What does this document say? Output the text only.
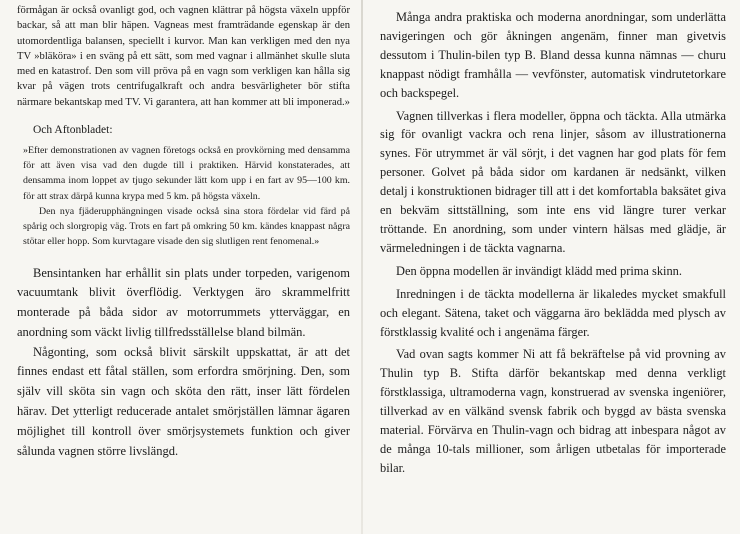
förmågan är också ovanligt god, och vagnen klättrar på högsta växeln uppför backar, så att man blir häpen. Vagneas mest framträdande egenskap är den utomordentliga balansen, speciellt i kurvor. Man kan verkligen med den nya TV »bläköra» i en sväng på ett sätt, som med vagnar i allmänhet skulle sluta med en katastrof. Den som vill pröva på en vagn som verkligen kan hålla sig kvar på vägen trots centrifugalkraft och andra besvärligheter bör stifta närmare bekantskap med TV. Vi garantera, att han kommer att bli imponerad.»

Och Aftonbladet:

»Efter demonstrationen av vagnen företogs också en provkörning med densamma för att även visa vad den dugde till i praktiken. Härvid konstaterades, att densamma inom loppet av tjugo sekunder lätt kom upp i en fart av 95—100 km. för att strax därpå kunna krypa med 5 km. på högsta växeln.

Den nya fjäderupphängningen visade också sina stora fördelar vid färd på spårig och slorgropig väg. Trots en fart på omkring 50 km. kändes knappast några stötar eller hopp. Som kurvtagare visade den sig slutligen rent fenomenal.»

Bensintanken har erhållit sin plats under torpeden, varigenom vacuumtank blivit överflödig. Verktygen äro skrammelfritt monterade på båda sidor av motorrummets ytterväggar, en anordning som väckt livlig tillfredsställelse bland bilmän.

Någonting, som också blivit särskilt uppskattat, är att det finnes endast ett fåtal ställen, som erfordra smörjning. Den, som själv vill sköta sin vagn och sköta den rätt, inser lätt fördelen härav. Det ytterligt reducerade antalet smörjställen lämnar ägaren möjlighet till kontroll över smörjsystemets funktion och giver sålunda vagnen större livslängd.

Många andra praktiska och moderna anordningar, som underlätta navigeringen och gör åkningen angenäm, finner man givetvis dessutom i Thulin-bilen typ B. Bland dessa kunna nämnas — churu knappast nödigt framhålla — vevfönster, automatisk vindrutetorkare och backspegel.

Vagnen tillverkas i flera modeller, öppna och täckta. Alla utmärka sig för ovanligt vackra och rena linjer, såsom av illustrationerna synes. För utrymmet är väl sörjt, i det vagnen har god plats för fem personer. Golvet på båda sidor om kardanen är nedsänkt, vilken detalj i konstruktionen bidrager till att i det komfortabla baksätet giva en bekväm sittställning, som inte ens vid längre turer verkar tröttande. En anordning, som under vintern hälsas med glädje, är värmeledningen i de täckta vagnarna.

Den öppna modellen är invändigt klädd med prima skinn.

Inredningen i de täckta modellerna är likaledes mycket smakfull och elegant. Sätena, taket och väggarna äro beklädda med plysch av förstklassig kvalité och i angenäma färger.

Vad ovan sagts kommer Ni att få bekräftelse på vid provning av Thulin typ B. Stifta därför bekantskap med denna verkligt förstklassiga, ultramoderna vagn, konstruerad av svenska ingeniörer, tillverkad av en välkänd svensk fabrik och byggd av bästa svenska material. Förvärva en Thulin-vagn och bidrag att inbespara något av de många 10-tals millioner, som årligen utbetalas för importerade bilar.
